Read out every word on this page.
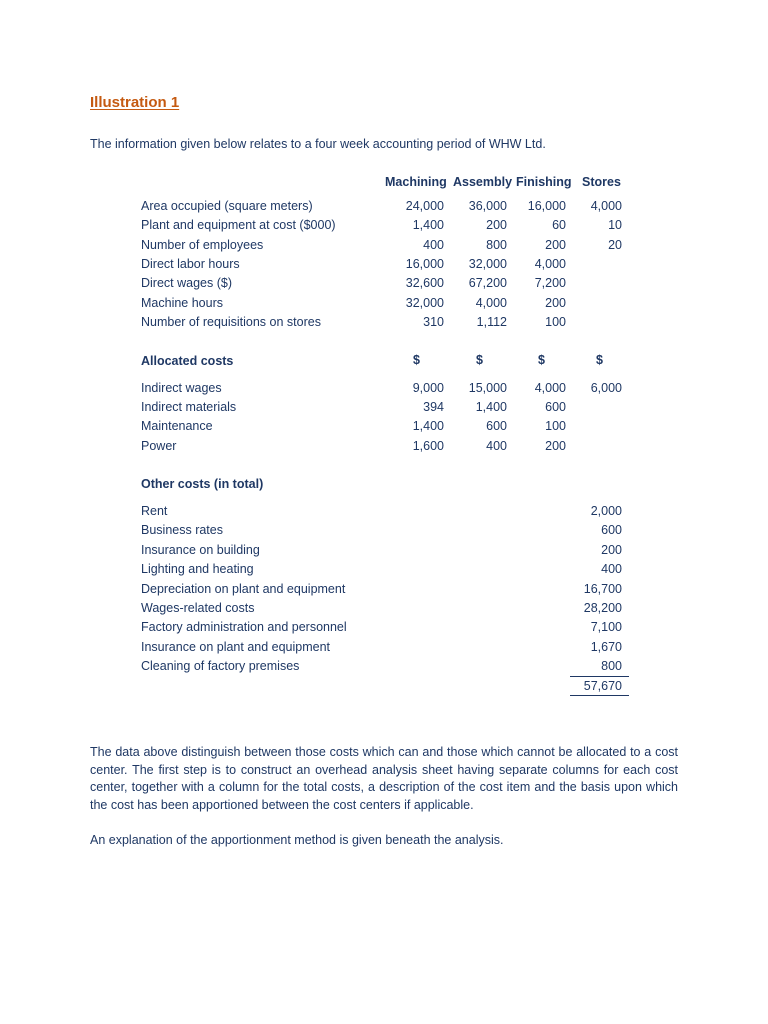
Illustration 1
The information given below relates to a four week accounting period of WHW Ltd.
Machining Assembly Finishing Stores
Area occupied (square meters)	24,000 36,000 16,000 4,000
Plant and equipment at cost ($000)	1,400	200	60	10
Number of employees	400	800	200	20
Direct labor hours	16,000 32,000 4,000
Direct wages ($)	32,600 67,200 7,200
Machine hours	32,000	4,000	200
Number of requisitions on stores	310	1,112	100
Allocated costs	$	$	$	$
Indirect wages	9,000 15,000 4,000 6,000
Indirect materials	394	1,400	600
Maintenance	1,400	600	100
Power	1,600	400	200
Other costs (in total)
Rent	2,000
Business rates	600
Insurance on building	200
Lighting and heating	400
Depreciation on plant and equipment	16,700
Wages-related costs	28,200
Factory administration and personnel	7,100
Insurance on plant and equipment	1,670
Cleaning of factory premises	800
57,670
The data above distinguish between those costs which can and those which cannot be allocated to a cost center. The first step is to construct an overhead analysis sheet having separate columns for each cost center, together with a column for the total costs, a description of the cost item and the basis upon which the cost has been apportioned between the cost centers if applicable.
An explanation of the apportionment method is given beneath the analysis.
